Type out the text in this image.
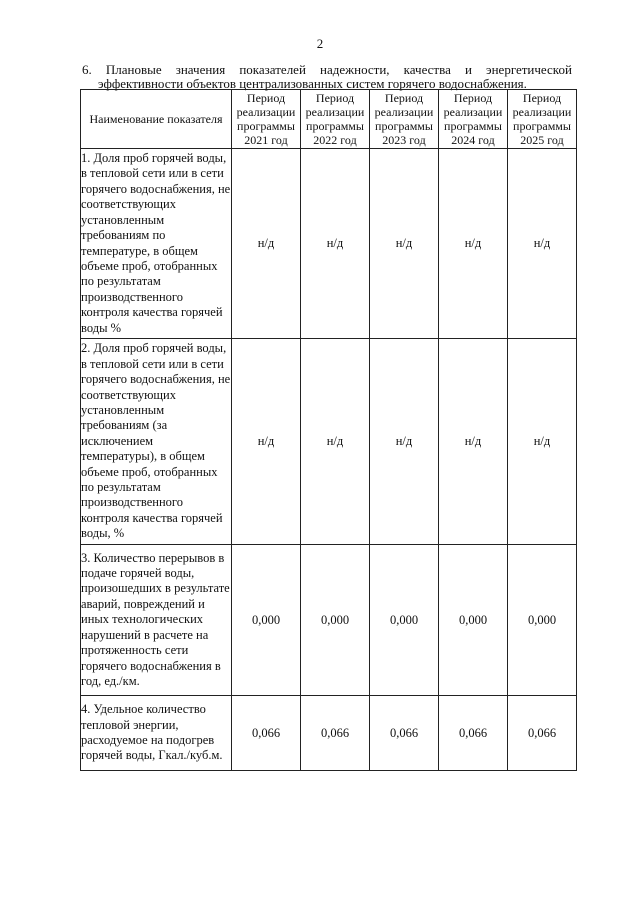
2
6. Плановые значения показателей надежности, качества и энергетической
эффективности объектов централизованных систем горячего водоснабжения.
Наименование показателя	Период реализации программы 2021 год	Период реализации программы 2022 год	Период реализации программы 2023 год	Период реализации программы 2024 год	Период реализации программы 2025 год
1. Доля проб горячей воды, в тепловой сети или в сети горячего водоснабжения, не соответствующих установленным требованиям по температуре, в общем объеме проб, отобранных по результатам производственного контроля качества горячей воды %	н/д	н/д	н/д	н/д	н/д
2. Доля проб горячей воды, в тепловой сети или в сети горячего водоснабжения, не соответствующих установленным требованиям (за исключением температуры), в общем объеме проб, отобранных по результатам производственного контроля качества горячей воды, %	н/д	н/д	н/д	н/д	н/д
3. Количество перерывов в подаче горячей воды, произошедших в результате аварий, повреждений и иных технологических нарушений в расчете на протяженность сети горячего водоснабжения в год, ед./км.	0,000	0,000	0,000	0,000	0,000
4. Удельное количество тепловой энергии, расходуемое на подогрев горячей воды, Гкал./куб.м.	0,066	0,066	0,066	0,066	0,066
